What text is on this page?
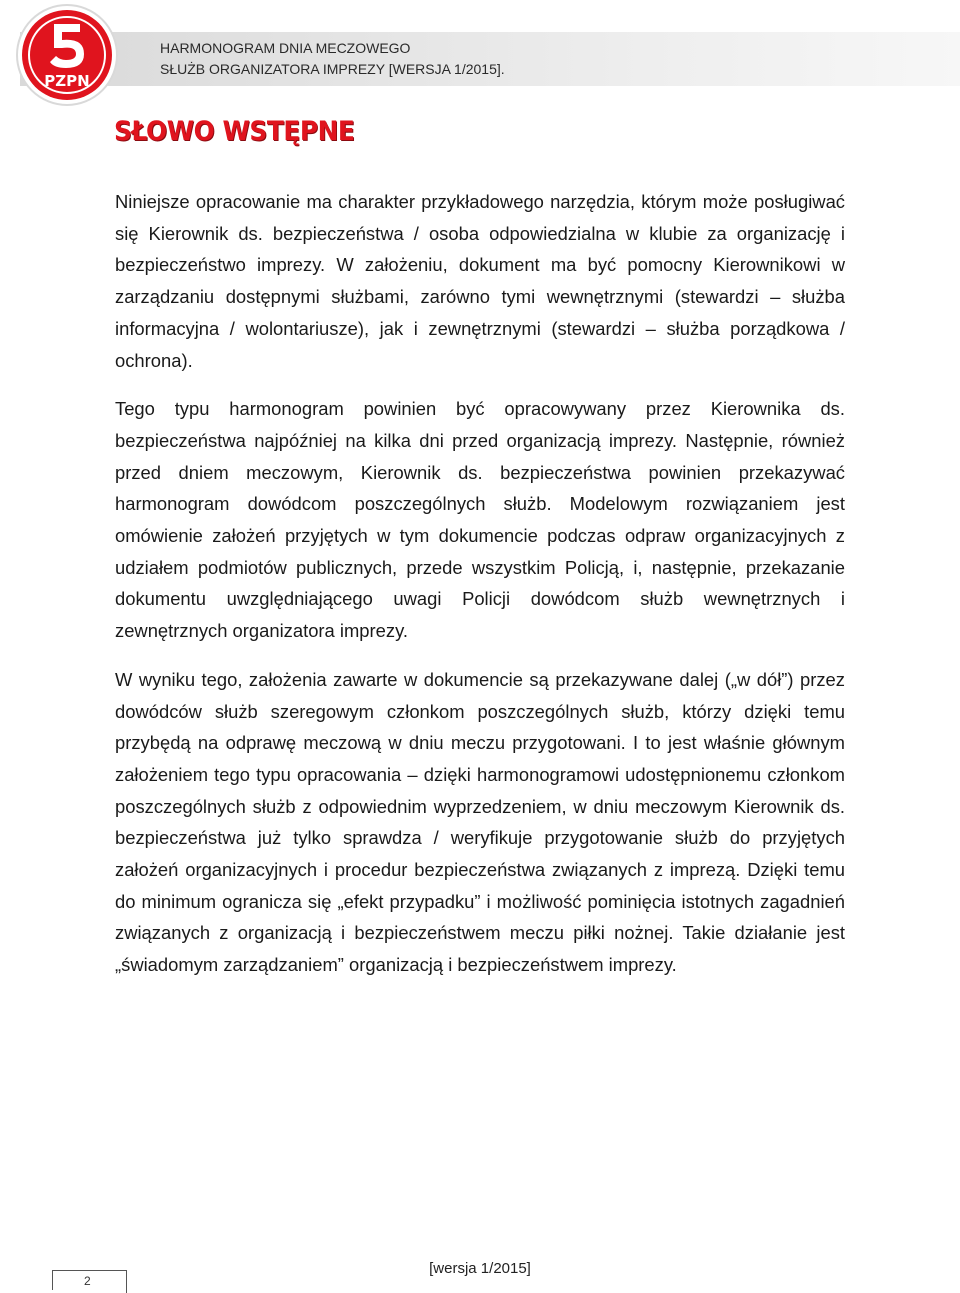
PZPN
HARMONOGRAM DNIA MECZOWEGO
SŁUŻB ORGANIZATORA IMPREZY [WERSJA 1/2015].
SŁOWO WSTĘPNE

Niniejsze opracowanie ma charakter przykładowego narzędzia, którym może posługiwać się Kierownik ds. bezpieczeństwa / osoba odpowiedzialna w klubie za organizację i bezpieczeństwo imprezy. W założeniu, dokument ma być pomocny Kierownikowi w zarządzaniu dostępnymi służbami, zarówno tymi wewnętrznymi (stewardzi – służba informacyjna / wolontariusze), jak i zewnętrznymi (stewardzi – służba porządkowa / ochrona).

Tego typu harmonogram powinien być opracowywany przez Kierownika ds. bezpieczeństwa najpóźniej na kilka dni przed organizacją imprezy. Następnie, również przed dniem meczowym, Kierownik ds. bezpieczeństwa powinien przekazywać harmonogram dowódcom poszczególnych służb. Modelowym rozwiązaniem jest omówienie założeń przyjętych w tym dokumencie podczas odpraw organizacyjnych z udziałem podmiotów publicznych, przede wszystkim Policją, i, następnie, przekazanie dokumentu uwzględniającego uwagi Policji dowódcom służb wewnętrznych i zewnętrznych organizatora imprezy.

W wyniku tego, założenia zawarte w dokumencie są przekazywane dalej („w dół”) przez dowódców służb szeregowym członkom poszczególnych służb, którzy dzięki temu przybędą na odprawę meczową w dniu meczu przygotowani. I to jest właśnie głównym założeniem tego typu opracowania – dzięki harmonogramowi udostępnionemu członkom poszczególnych służb z odpowiednim wyprzedzeniem, w dniu meczowym Kierownik ds. bezpieczeństwa już tylko sprawdza / weryfikuje przygotowanie służb do przyjętych założeń organizacyjnych i procedur bezpieczeństwa związanych z imprezą. Dzięki temu do minimum ogranicza się „efekt przypadku” i możliwość pominięcia istotnych zagadnień związanych z organizacją i bezpieczeństwem meczu piłki nożnej. Takie działanie jest „świadomym zarządzaniem” organizacją i bezpieczeństwem imprezy.

2
[wersja 1/2015]
